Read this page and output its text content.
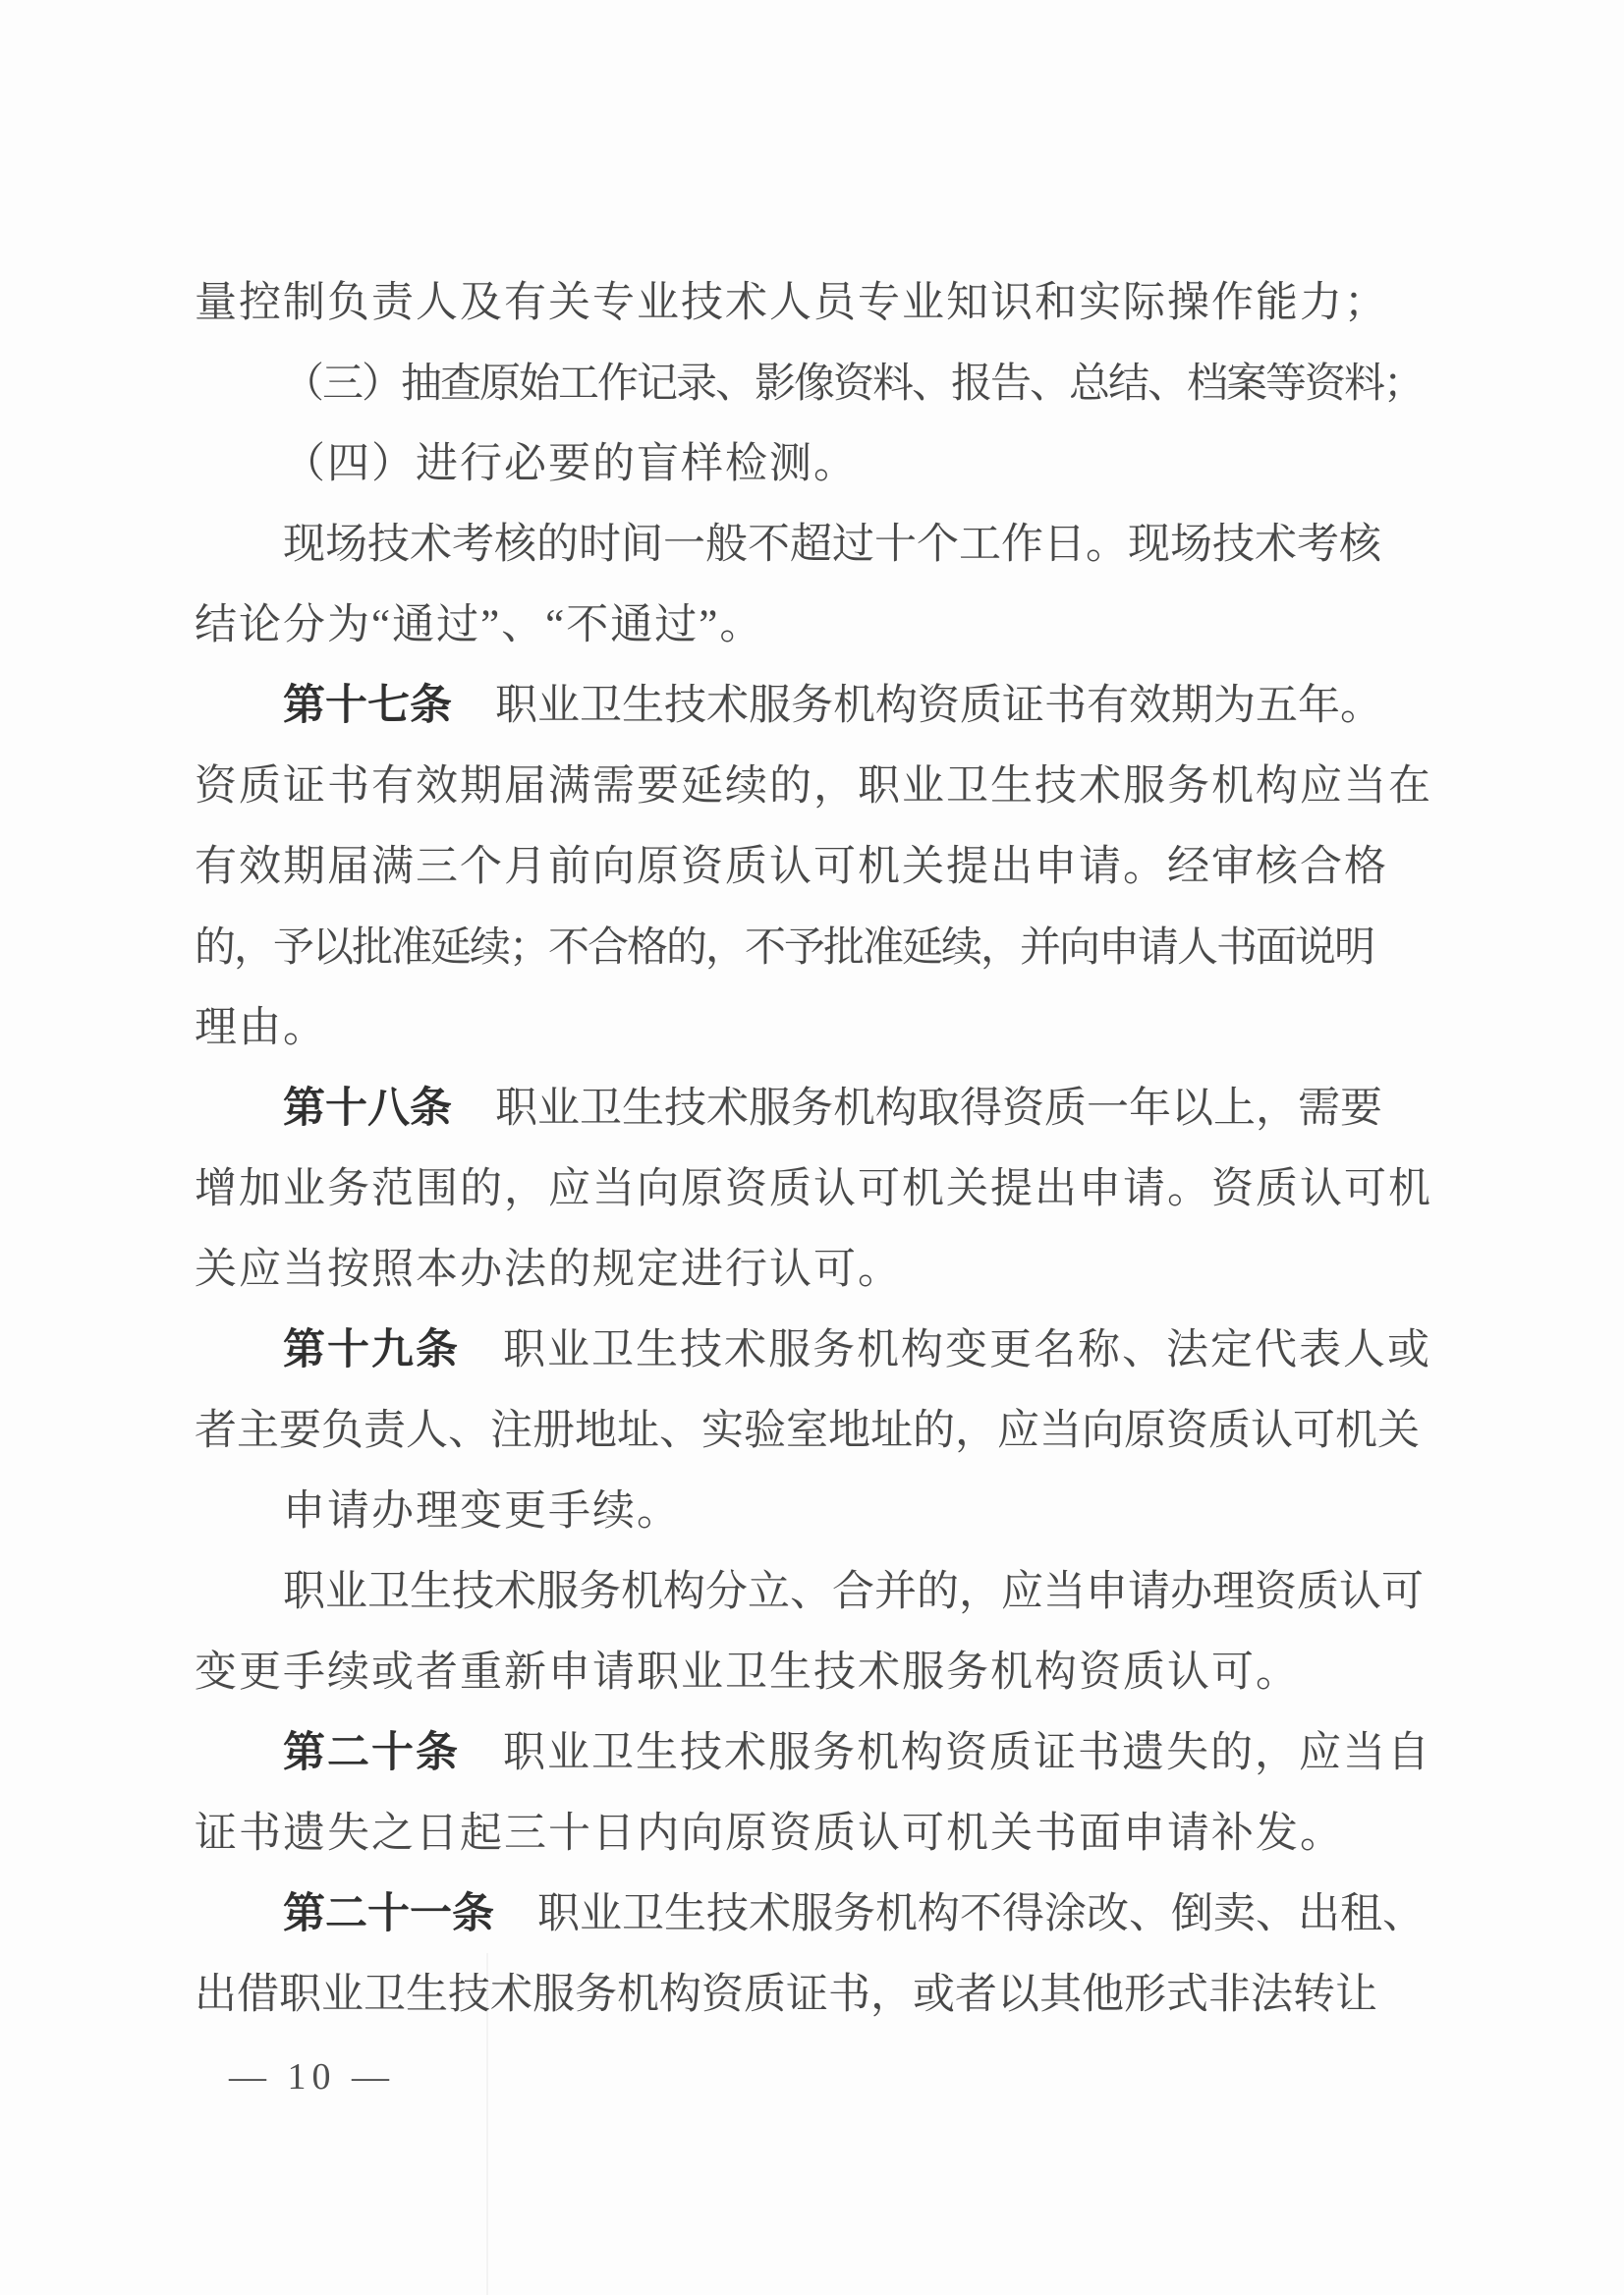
量控制负责人及有关专业技术人员专业知识和实际操作能力；
（三）抽查原始工作记录、影像资料、报告、总结、档案等资料；
（四）进行必要的盲样检测。
现场技术考核的时间一般不超过十个工作日。现场技术考核
结论分为“通过”、“不通过”。
第十七条 职业卫生技术服务机构资质证书有效期为五年。
资质证书有效期届满需要延续的，职业卫生技术服务机构应当在
有效期届满三个月前向原资质认可机关提出申请。经审核合格
的，予以批准延续；不合格的，不予批准延续，并向申请人书面说明
理由。
第十八条 职业卫生技术服务机构取得资质一年以上，需要
增加业务范围的，应当向原资质认可机关提出申请。资质认可机
关应当按照本办法的规定进行认可。
第十九条 职业卫生技术服务机构变更名称、法定代表人或
者主要负责人、注册地址、实验室地址的，应当向原资质认可机关
申请办理变更手续。
职业卫生技术服务机构分立、合并的，应当申请办理资质认可
变更手续或者重新申请职业卫生技术服务机构资质认可。
第二十条 职业卫生技术服务机构资质证书遗失的，应当自
证书遗失之日起三十日内向原资质认可机关书面申请补发。
第二十一条 职业卫生技术服务机构不得涂改、倒卖、出租、
出借职业卫生技术服务机构资质证书，或者以其他形式非法转让
— 10 —
